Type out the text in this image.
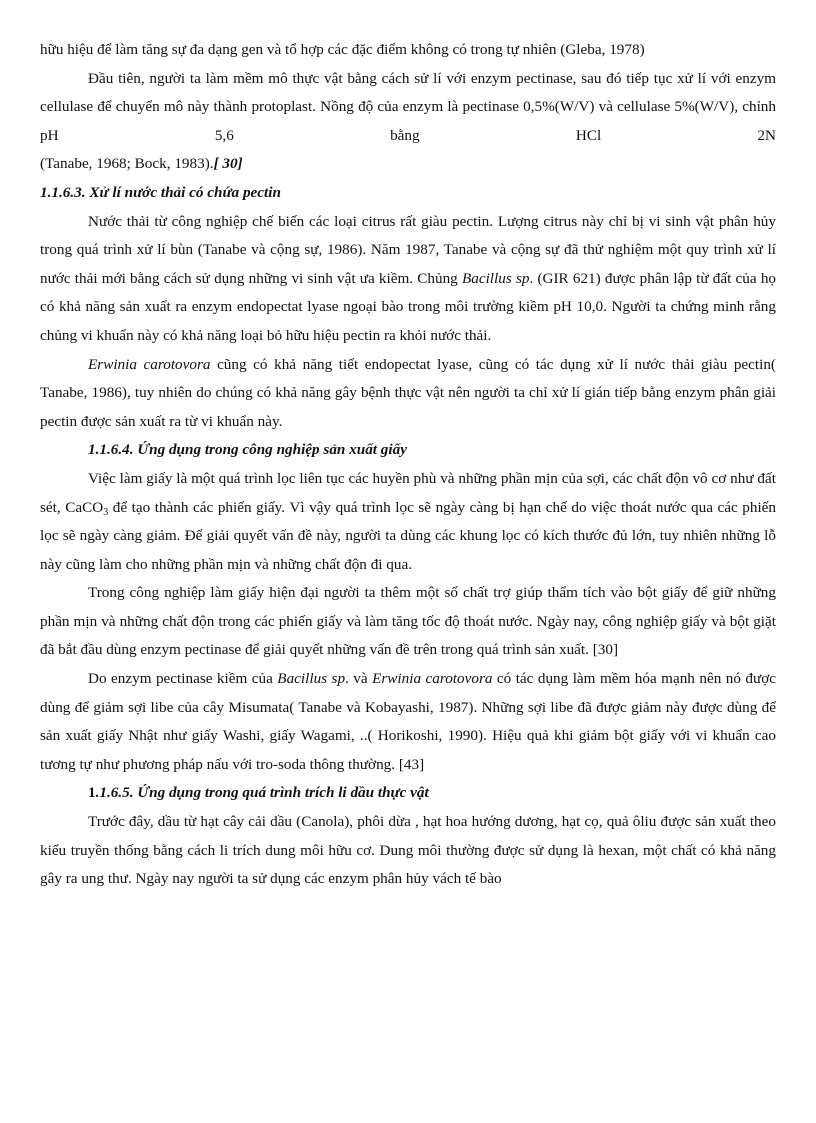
hữu hiệu để làm tăng sự đa dạng gen và tổ hợp các đặc điểm không có trong tự nhiên (Gleba, 1978)

Đầu tiên, người ta làm mềm mô thực vật bằng cách sử lí với enzym pectinase, sau đó tiếp tục xử lí với enzym cellulase để chuyển mô này thành protoplast. Nồng độ của enzym là pectinase 0,5%(W/V) và cellulase 5%(W/V), chỉnh pH 5,6 bằng HCl 2N

(Tanabe, 1968; Bock, 1983).[ 30]

1.1.6.3. Xử lí nước thải có chứa pectin

Nước thải từ công nghiệp chế biến các loại citrus rất giàu pectin. Lượng citrus này chỉ bị vi sinh vật phân hủy trong quá trình xử lí bùn (Tanabe và cộng sự, 1986). Năm 1987, Tanabe và cộng sự đã thử nghiệm một quy trình xử lí nước thải mới bằng cách sử dụng những vi sinh vật ưa kiềm. Chủng Bacillus sp. (GIR 621) được phân lập từ đất của họ có khả năng sản xuất ra enzym endopectat lyase ngoại bào trong môi trường kiềm pH 10,0. Người ta chứng minh rằng chủng vi khuẩn này có khả năng loại bỏ hữu hiệu pectin ra khỏi nước thải.

Erwinia carotovora cũng có khả năng tiết endopectat lyase, cũng có tác dụng xử lí nước thải giàu pectin( Tanabe, 1986), tuy nhiên do chúng có khả năng gây bệnh thực vật nên người ta chỉ xử lí gián tiếp bằng enzym phân giải pectin được sản xuất ra từ vi khuẩn này.

1.1.6.4. Ứng dụng trong công nghiệp sản xuất giấy

Việc làm giấy là một quá trình lọc liên tục các huyền phù và những phần mịn của sợi, các chất độn vô cơ như đất sét, CaCO$_3$ để tạo thành các phiến giấy. Vì vậy quá trình lọc sẽ ngày càng bị hạn chế do việc thoát nước qua các phiến lọc sẽ ngày càng giảm. Để giải quyết vấn đề này, người ta dùng các khung lọc có kích thước đủ lớn, tuy nhiên những lỗ này cũng làm cho những phần mịn và những chất độn đi qua.

Trong công nghiệp làm giấy hiện đại người ta thêm một số chất trợ giúp thẩm tích vào bột giấy để giữ những phần mịn và những chất độn trong các phiến giấy và làm tăng tốc độ thoát nước. Ngày nay, công nghiệp giấy và bột giặt đã bắt đầu dùng enzym pectinase để giải quyết những vấn đề trên trong quá trình sản xuất. [30]

Do enzym pectinase kiềm của Bacillus sp. và Erwinia carotovora có tác dụng làm mềm hóa mạnh nên nó được dùng để giảm sợi libe của cây Misumata( Tanabe và Kobayashi, 1987). Những sợi libe đã được giảm này được dùng để sản xuất giấy Nhật như giấy Washi, giấy Wagami, ..( Horikoshi, 1990). Hiệu quả khi giảm bột giấy với vi khuẩn cao tương tự như phương pháp nấu với tro-soda thông thường. [43]

1.1.6.5. Ứng dụng trong quá trình trích li dầu thực vật

Trước đây, dầu từ hạt cây cải dầu (Canola), phôi dừa , hạt hoa hướng dương, hạt cọ, quả ôliu được sản xuất theo kiểu truyền thống bằng cách li trích dung môi hữu cơ. Dung môi thường được sử dụng là hexan, một chất có khả năng gây ra ung thư. Ngày nay người ta sử dụng các enzym phân hủy vách tế bào
